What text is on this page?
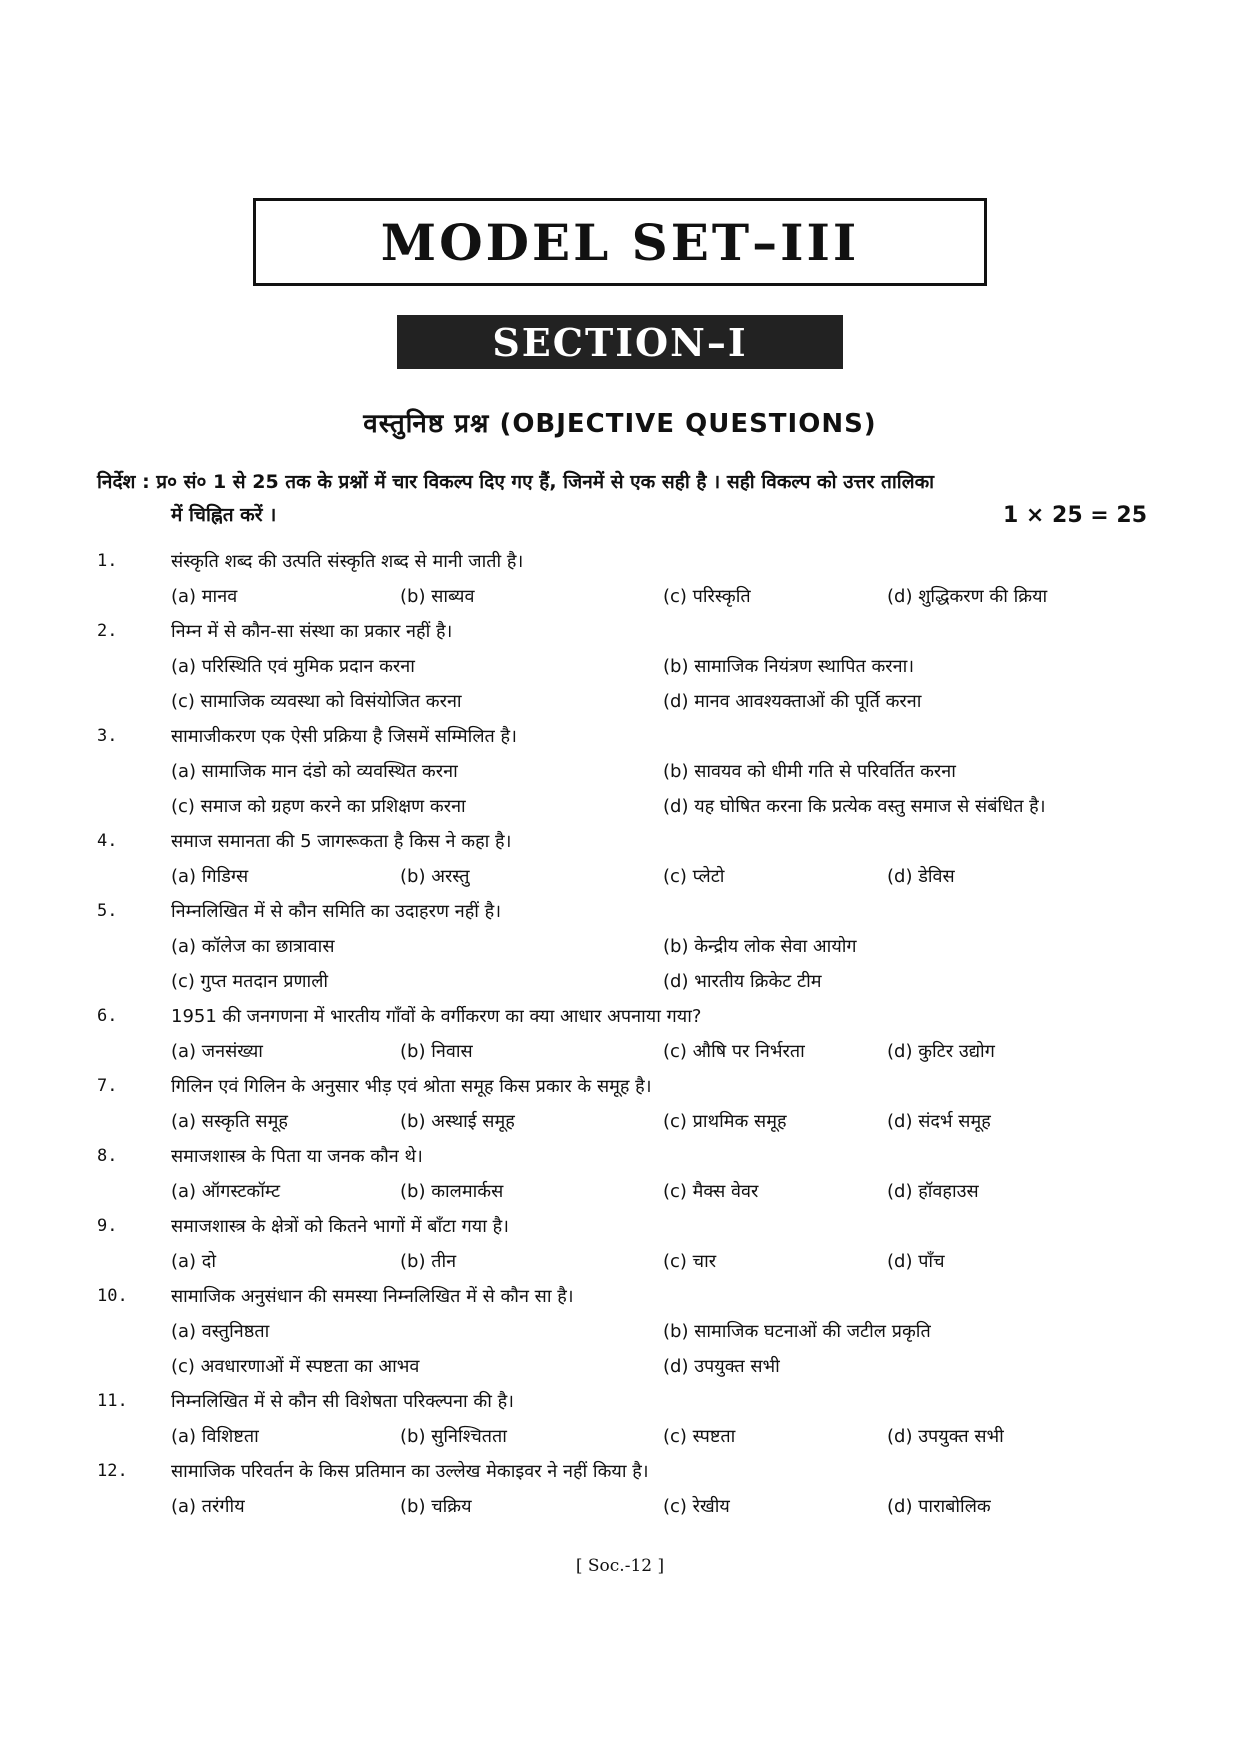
MODEL SET–III
SECTION–I
वस्तुनिष्ठ प्रश्न (OBJECTIVE QUESTIONS)
निर्देश : प्र० सं० 1 से 25 तक के प्रश्नों में चार विकल्प दिए गए हैं, जिनमें से एक सही है । सही विकल्प को उत्तर तालिका
में चिह्नित करें ।	1 × 25 = 25
1.	संस्कृति शब्द की उत्पति संस्कृति शब्द से मानी जाती है।
(a) मानव	(b) साब्यव	(c) परिस्कृति	(d) शुद्धिकरण की क्रिया
2.	निम्न में से कौन-सा संस्था का प्रकार नहीं है।
(a) परिस्थिति एवं मुमिक प्रदान करना	(b) सामाजिक नियंत्रण स्थापित करना।
(c) सामाजिक व्यवस्था को विसंयोजित करना	(d) मानव आवश्यक्ताओं की पूर्ति करना
3.	सामाजीकरण एक ऐसी प्रक्रिया है जिसमें सम्मिलित है।
(a) सामाजिक मान दंडो को व्यवस्थित करना	(b) सावयव को धीमी गति से परिवर्तित करना
(c) समाज को ग्रहण करने का प्रशिक्षण करना	(d) यह घोषित करना कि प्रत्येक वस्तु समाज से संबंधित है।
4.	समाज समानता की 5 जागरूकता है किस ने कहा है।
(a) गिडिग्स	(b) अरस्तु	(c) प्लेटो	(d) डेविस
5.	निम्नलिखित में से कौन समिति का उदाहरण नहीं है।
(a) कॉलेज का छात्रावास	(b) केन्द्रीय लोक सेवा आयोग
(c) गुप्त मतदान प्रणाली	(d) भारतीय क्रिकेट टीम
6.	1951 की जनगणना में भारतीय गाँवों के वर्गीकरण का क्या आधार अपनाया गया?
(a) जनसंख्या	(b) निवास	(c) औषि पर निर्भरता	(d) कुटिर उद्योग
7.	गिलिन एवं गिलिन के अनुसार भीड़ एवं श्रोता समूह किस प्रकार के समूह है।
(a) सस्कृति समूह	(b) अस्थाई समूह	(c) प्राथमिक समूह	(d) संदर्भ समूह
8.	समाजशास्त्र के पिता या जनक कौन थे।
(a) ऑगस्टकॉम्ट	(b) कालमार्कस	(c) मैक्स वेवर	(d) हॉवहाउस
9.	समाजशास्त्र के क्षेत्रों को कितने भागों में बाँटा गया है।
(a) दो	(b) तीन	(c) चार	(d) पाँच
10. सामाजिक अनुसंधान की समस्या निम्नलिखित में से कौन सा है।
(a) वस्तुनिष्ठता	(b) सामाजिक घटनाओं की जटील प्रकृति
(c) अवधारणाओं में स्पष्टता का आभव	(d) उपयुक्त सभी
11. निम्नलिखित में से कौन सी विशेषता परिक्ल्पना की है।
(a) विशिष्टता	(b) सुनिश्चितता	(c) स्पष्टता	(d) उपयुक्त सभी
12. सामाजिक परिवर्तन के किस प्रतिमान का उल्लेख मेकाइवर ने नहीं किया है।
(a) तरंगीय	(b) चक्रिय	(c) रेखीय	(d) पाराबोलिक
[ Soc.-12 ]
